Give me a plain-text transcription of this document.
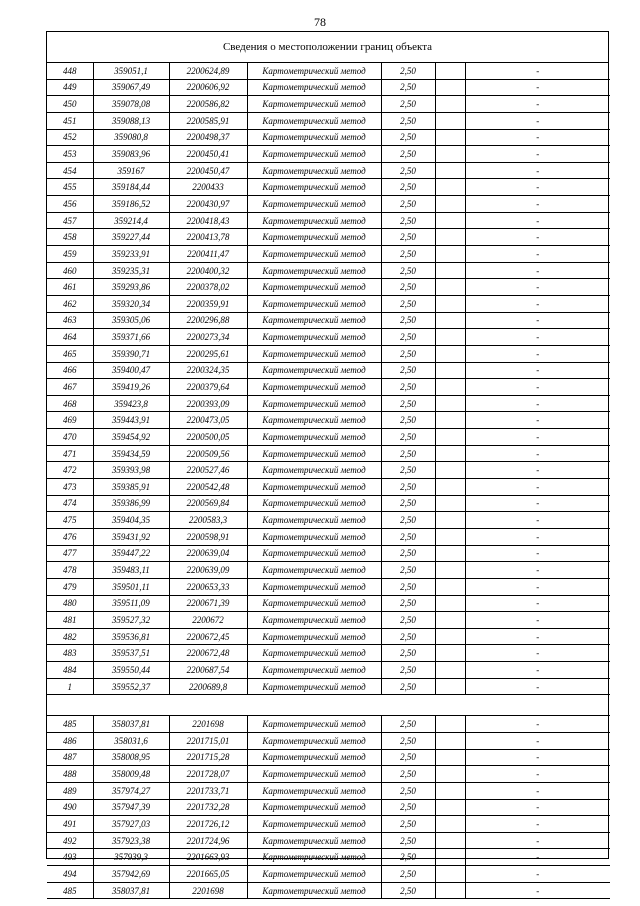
78
Сведения о местоположении границ объекта
448	359051,1	2200624,89	Картометрический метод	2,50		-
449	359067,49	2200606,92	Картометрический метод	2,50		-
450	359078,08	2200586,82	Картометрический метод	2,50		-
451	359088,13	2200585,91	Картометрический метод	2,50		-
452	359080,8	2200498,37	Картометрический метод	2,50		-
453	359083,96	2200450,41	Картометрический метод	2,50		-
454	359167	2200450,47	Картометрический метод	2,50		-
455	359184,44	2200433	Картометрический метод	2,50		-
456	359186,52	2200430,97	Картометрический метод	2,50		-
457	359214,4	2200418,43	Картометрический метод	2,50		-
458	359227,44	2200413,78	Картометрический метод	2,50		-
459	359233,91	2200411,47	Картометрический метод	2,50		-
460	359235,31	2200400,32	Картометрический метод	2,50		-
461	359293,86	2200378,02	Картометрический метод	2,50		-
462	359320,34	2200359,91	Картометрический метод	2,50		-
463	359305,06	2200296,88	Картометрический метод	2,50		-
464	359371,66	2200273,34	Картометрический метод	2,50		-
465	359390,71	2200295,61	Картометрический метод	2,50		-
466	359400,47	2200324,35	Картометрический метод	2,50		-
467	359419,26	2200379,64	Картометрический метод	2,50		-
468	359423,8	2200393,09	Картометрический метод	2,50		-
469	359443,91	2200473,05	Картометрический метод	2,50		-
470	359454,92	2200500,05	Картометрический метод	2,50		-
471	359434,59	2200509,56	Картометрический метод	2,50		-
472	359393,98	2200527,46	Картометрический метод	2,50		-
473	359385,91	2200542,48	Картометрический метод	2,50		-
474	359386,99	2200569,84	Картометрический метод	2,50		-
475	359404,35	2200583,3	Картометрический метод	2,50		-
476	359431,92	2200598,91	Картометрический метод	2,50		-
477	359447,22	2200639,04	Картометрический метод	2,50		-
478	359483,11	2200639,09	Картометрический метод	2,50		-
479	359501,11	2200653,33	Картометрический метод	2,50		-
480	359511,09	2200671,39	Картометрический метод	2,50		-
481	359527,32	2200672	Картометрический метод	2,50		-
482	359536,81	2200672,45	Картометрический метод	2,50		-
483	359537,51	2200672,48	Картометрический метод	2,50		-
484	359550,44	2200687,54	Картометрический метод	2,50		-
1	359552,37	2200689,8	Картометрический метод	2,50		-

485	358037,81	2201698	Картометрический метод	2,50		-
486	358031,6	2201715,01	Картометрический метод	2,50		-
487	358008,95	2201715,28	Картометрический метод	2,50		-
488	358009,48	2201728,07	Картометрический метод	2,50		-
489	357974,27	2201733,71	Картометрический метод	2,50		-
490	357947,39	2201732,28	Картометрический метод	2,50		-
491	357927,03	2201726,12	Картометрический метод	2,50		-
492	357923,38	2201724,96	Картометрический метод	2,50		-
493	357939,3	2201663,93	Картометрический метод	2,50		-
494	357942,69	2201665,05	Картометрический метод	2,50		-
485	358037,81	2201698	Картометрический метод	2,50		-
